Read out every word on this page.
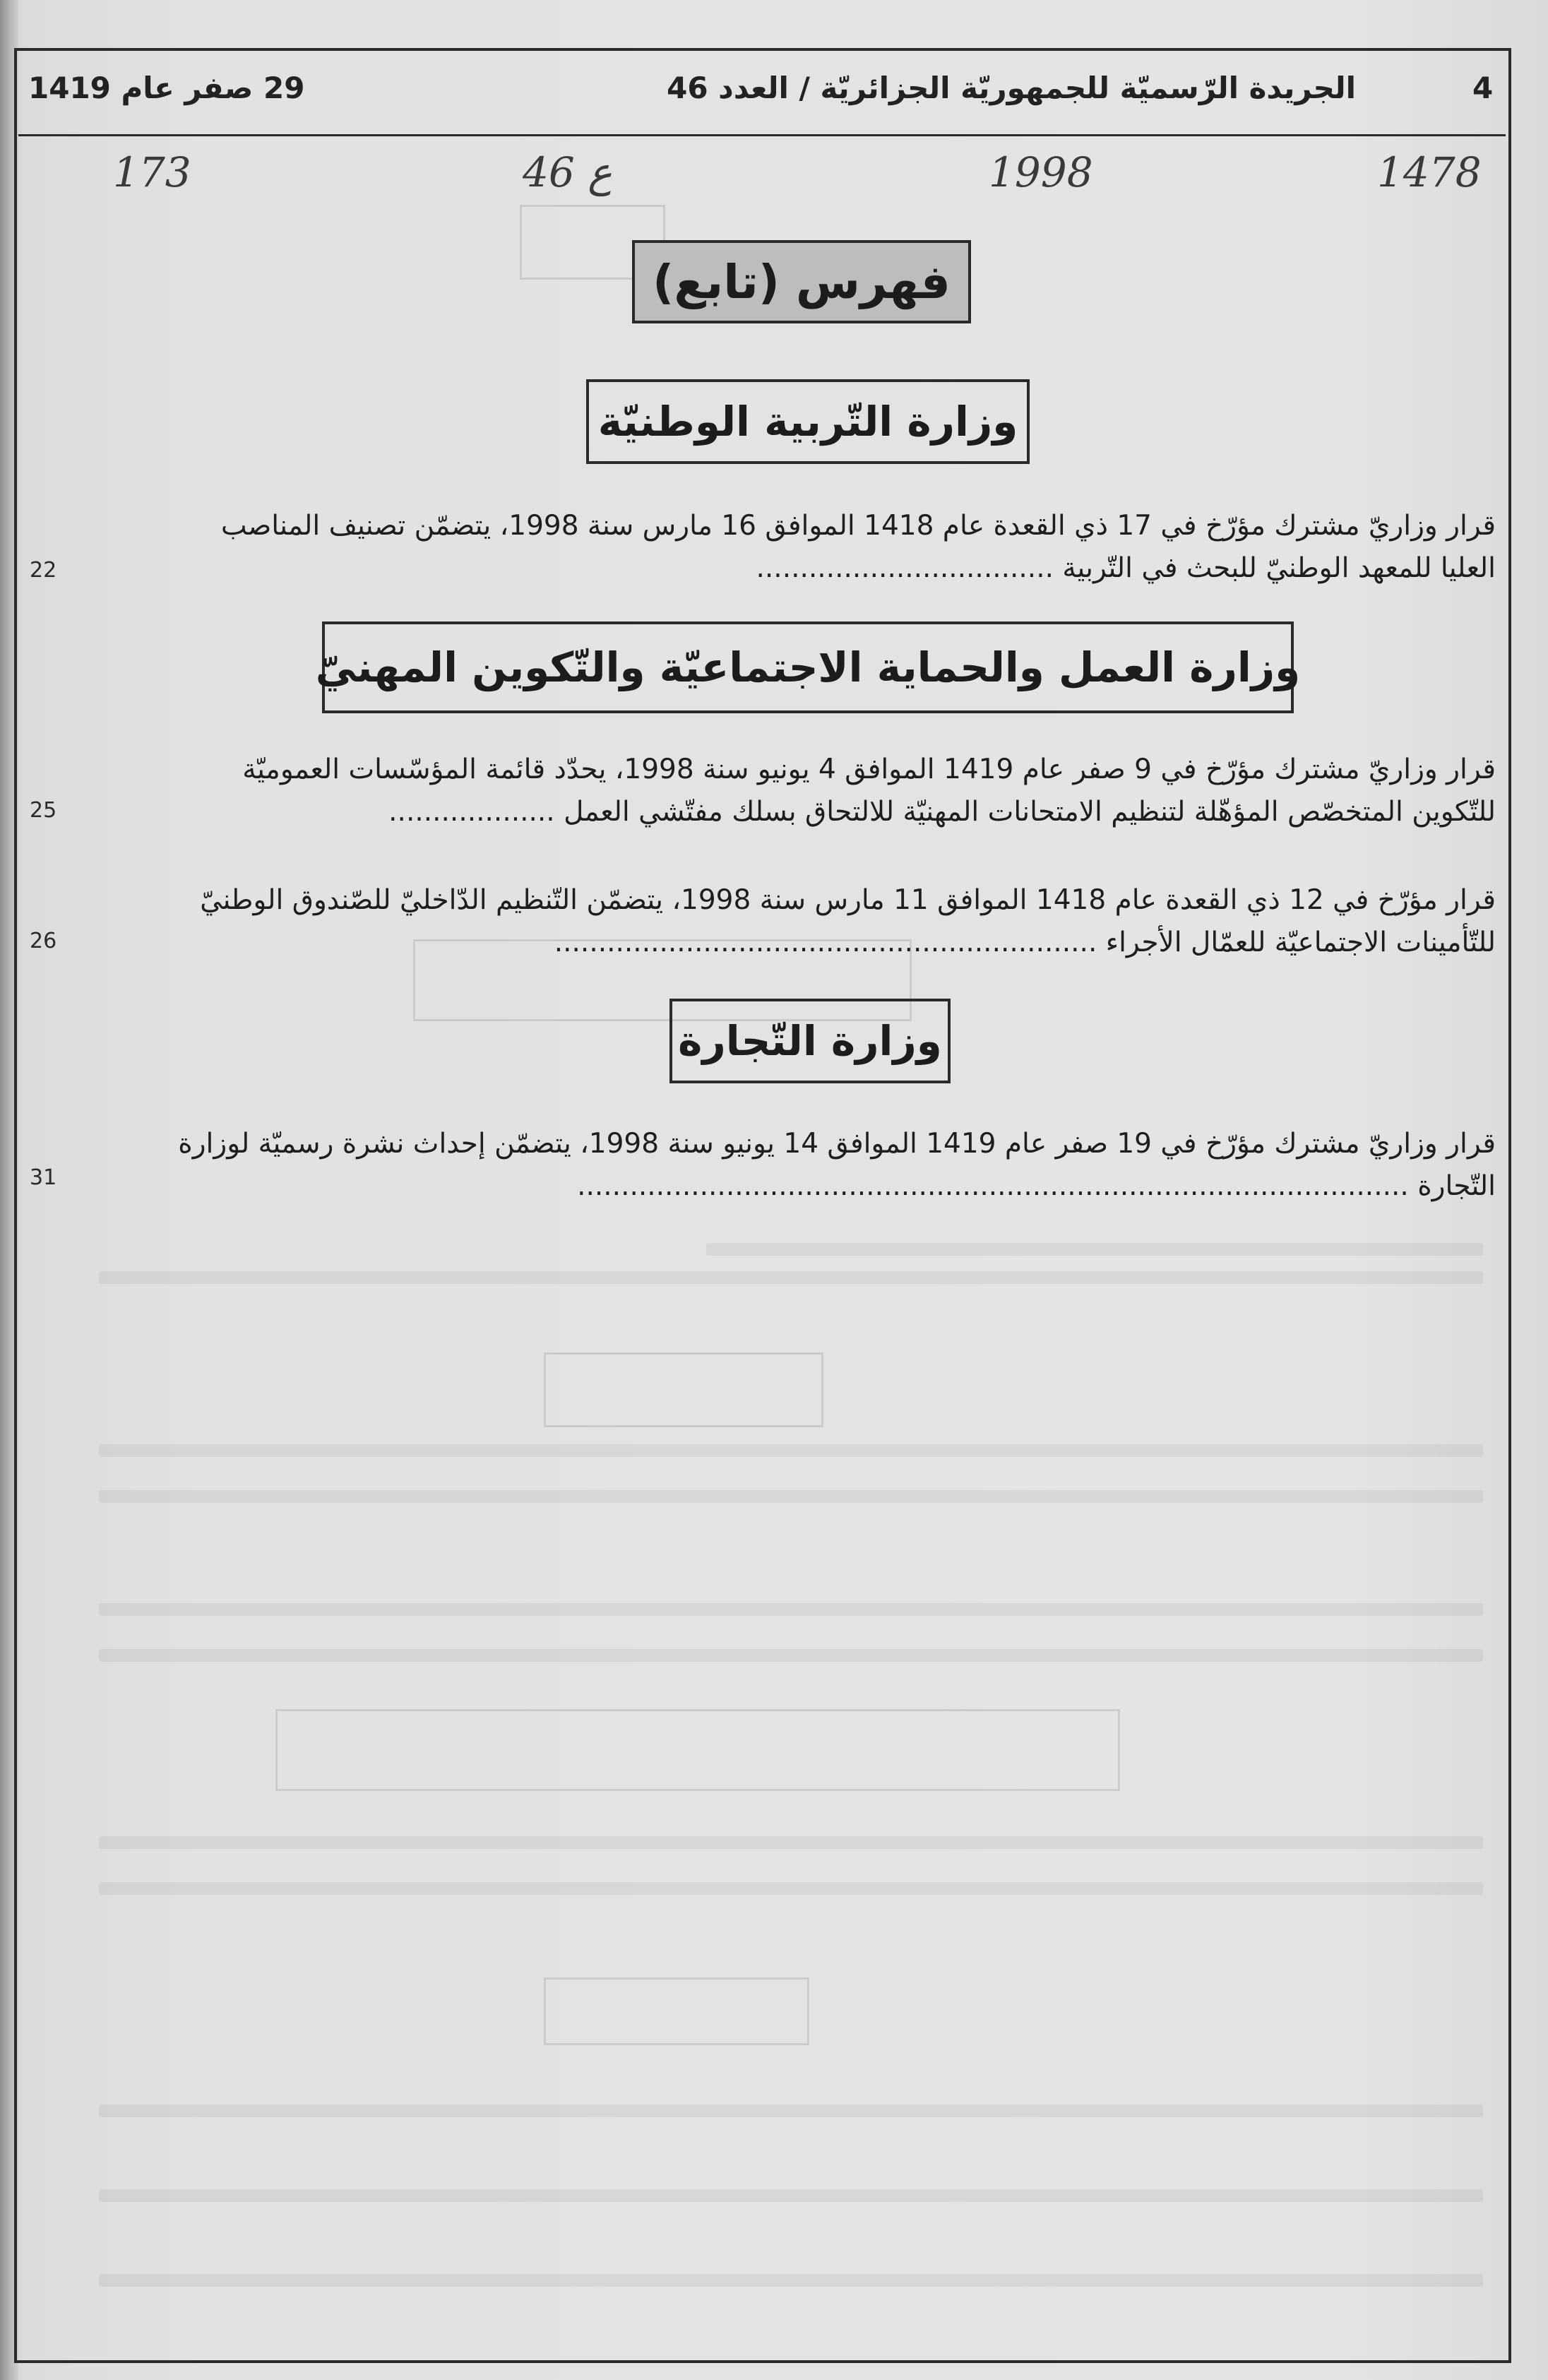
4
الجريدة الرّسميّة للجمهوريّة الجزائريّة / العدد 46
29 صفر عام 1419
1478
1998
46 ع
173
فهرس (تابع)
وزارة التّربية الوطنيّة

قرار وزاريّ مشترك مؤرّخ في 17 ذي القعدة عام 1418 الموافق 16 مارس سنة 1998، يتضمّن تصنيف المناصب

العليا للمعهد الوطنيّ للبحث في التّربية ..................................

22
وزارة العمل والحماية الاجتماعيّة والتّكوين المهنيّ

قرار وزاريّ مشترك مؤرّخ في 9 صفر عام 1419 الموافق 4 يونيو سنة 1998، يحدّد قائمة المؤسّسات العموميّة

للتّكوين المتخصّص المؤهّلة لتنظيم الامتحانات المهنيّة للالتحاق بسلك مفتّشي العمل ...................

25

قرار مؤرّخ في 12 ذي القعدة عام 1418 الموافق 11 مارس سنة 1998، يتضمّن التّنظيم الدّاخليّ للصّندوق الوطنيّ

للتّأمينات الاجتماعيّة للعمّال الأجراء ..............................................................

26
وزارة التّجارة

قرار وزاريّ مشترك مؤرّخ في 19 صفر عام 1419 الموافق 14 يونيو سنة 1998، يتضمّن إحداث نشرة رسميّة لوزارة

التّجارة ...............................................................................................

31
